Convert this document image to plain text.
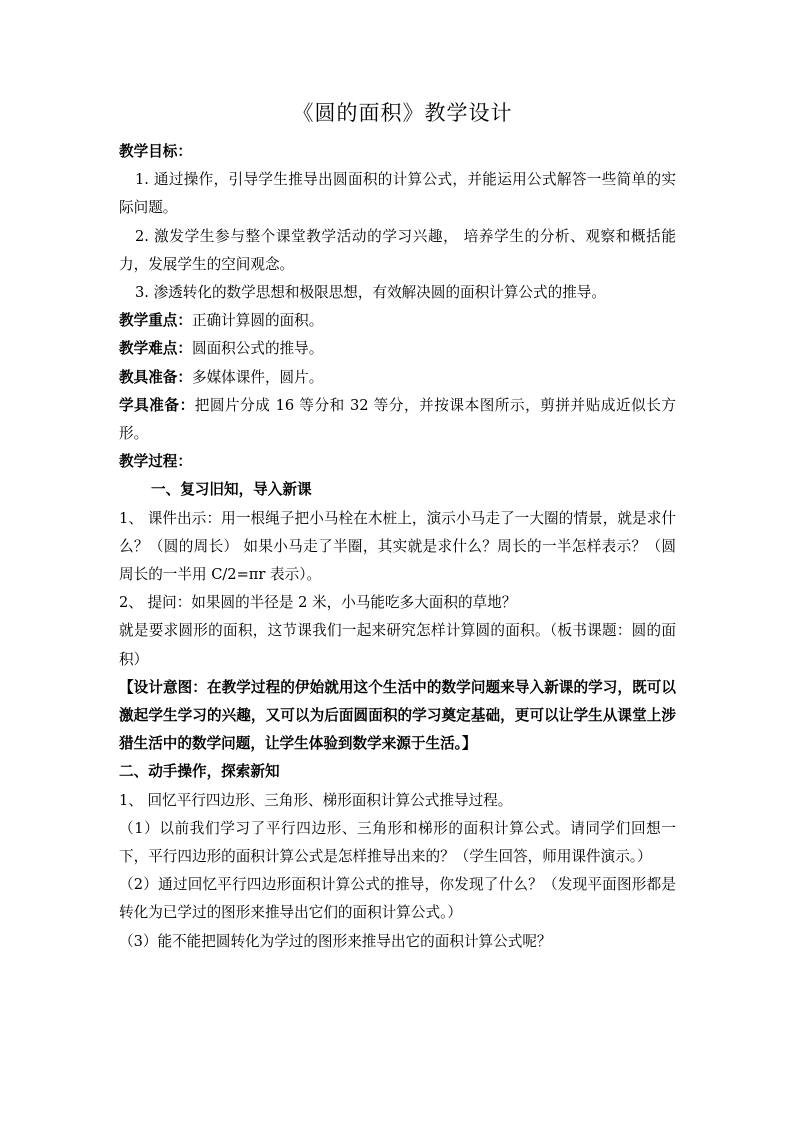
《圆的面积》教学设计

教学目标：

1. 通过操作，引导学生推导出圆面积的计算公式，并能运用公式解答一些简单的实际问题。

2. 激发学生参与整个课堂教学活动的学习兴趣， 培养学生的分析、观察和概括能力，发展学生的空间观念。

3. 渗透转化的数学思想和极限思想，有效解决圆的面积计算公式的推导。

教学重点：正确计算圆的面积。

教学难点：圆面积公式的推导。

教具准备：多媒体课件，圆片。

学具准备：把圆片分成 16 等分和 32 等分，并按课本图所示，剪拼并贴成近似长方形。

教学过程：

一、复习旧知，导入新课

1、 课件出示：用一根绳子把小马栓在木桩上，演示小马走了一大圈的情景，就是求什么？（圆的周长） 如果小马走了半圈，其实就是求什么？周长的一半怎样表示？（圆周长的一半用 C/2=πr 表示）。

2、 提问：如果圆的半径是 2 米，小马能吃多大面积的草地？

就是要求圆形的面积，这节课我们一起来研究怎样计算圆的面积。（板书课题：圆的面积）

【设计意图：在教学过程的伊始就用这个生活中的数学问题来导入新课的学习，既可以激起学生学习的兴趣，又可以为后面圆面积的学习奠定基础，更可以让学生从课堂上涉猎生活中的数学问题，让学生体验到数学来源于生活。】

二、动手操作，探索新知

1、 回忆平行四边形、三角形、梯形面积计算公式推导过程。

（1）以前我们学习了平行四边形、三角形和梯形的面积计算公式。请同学们回想一下，平行四边形的面积计算公式是怎样推导出来的？（学生回答，师用课件演示。）

（2）通过回忆平行四边形面积计算公式的推导，你发现了什么？（发现平面图形都是转化为已学过的图形来推导出它们的面积计算公式。）

（3）能不能把圆转化为学过的图形来推导出它的面积计算公式呢？
